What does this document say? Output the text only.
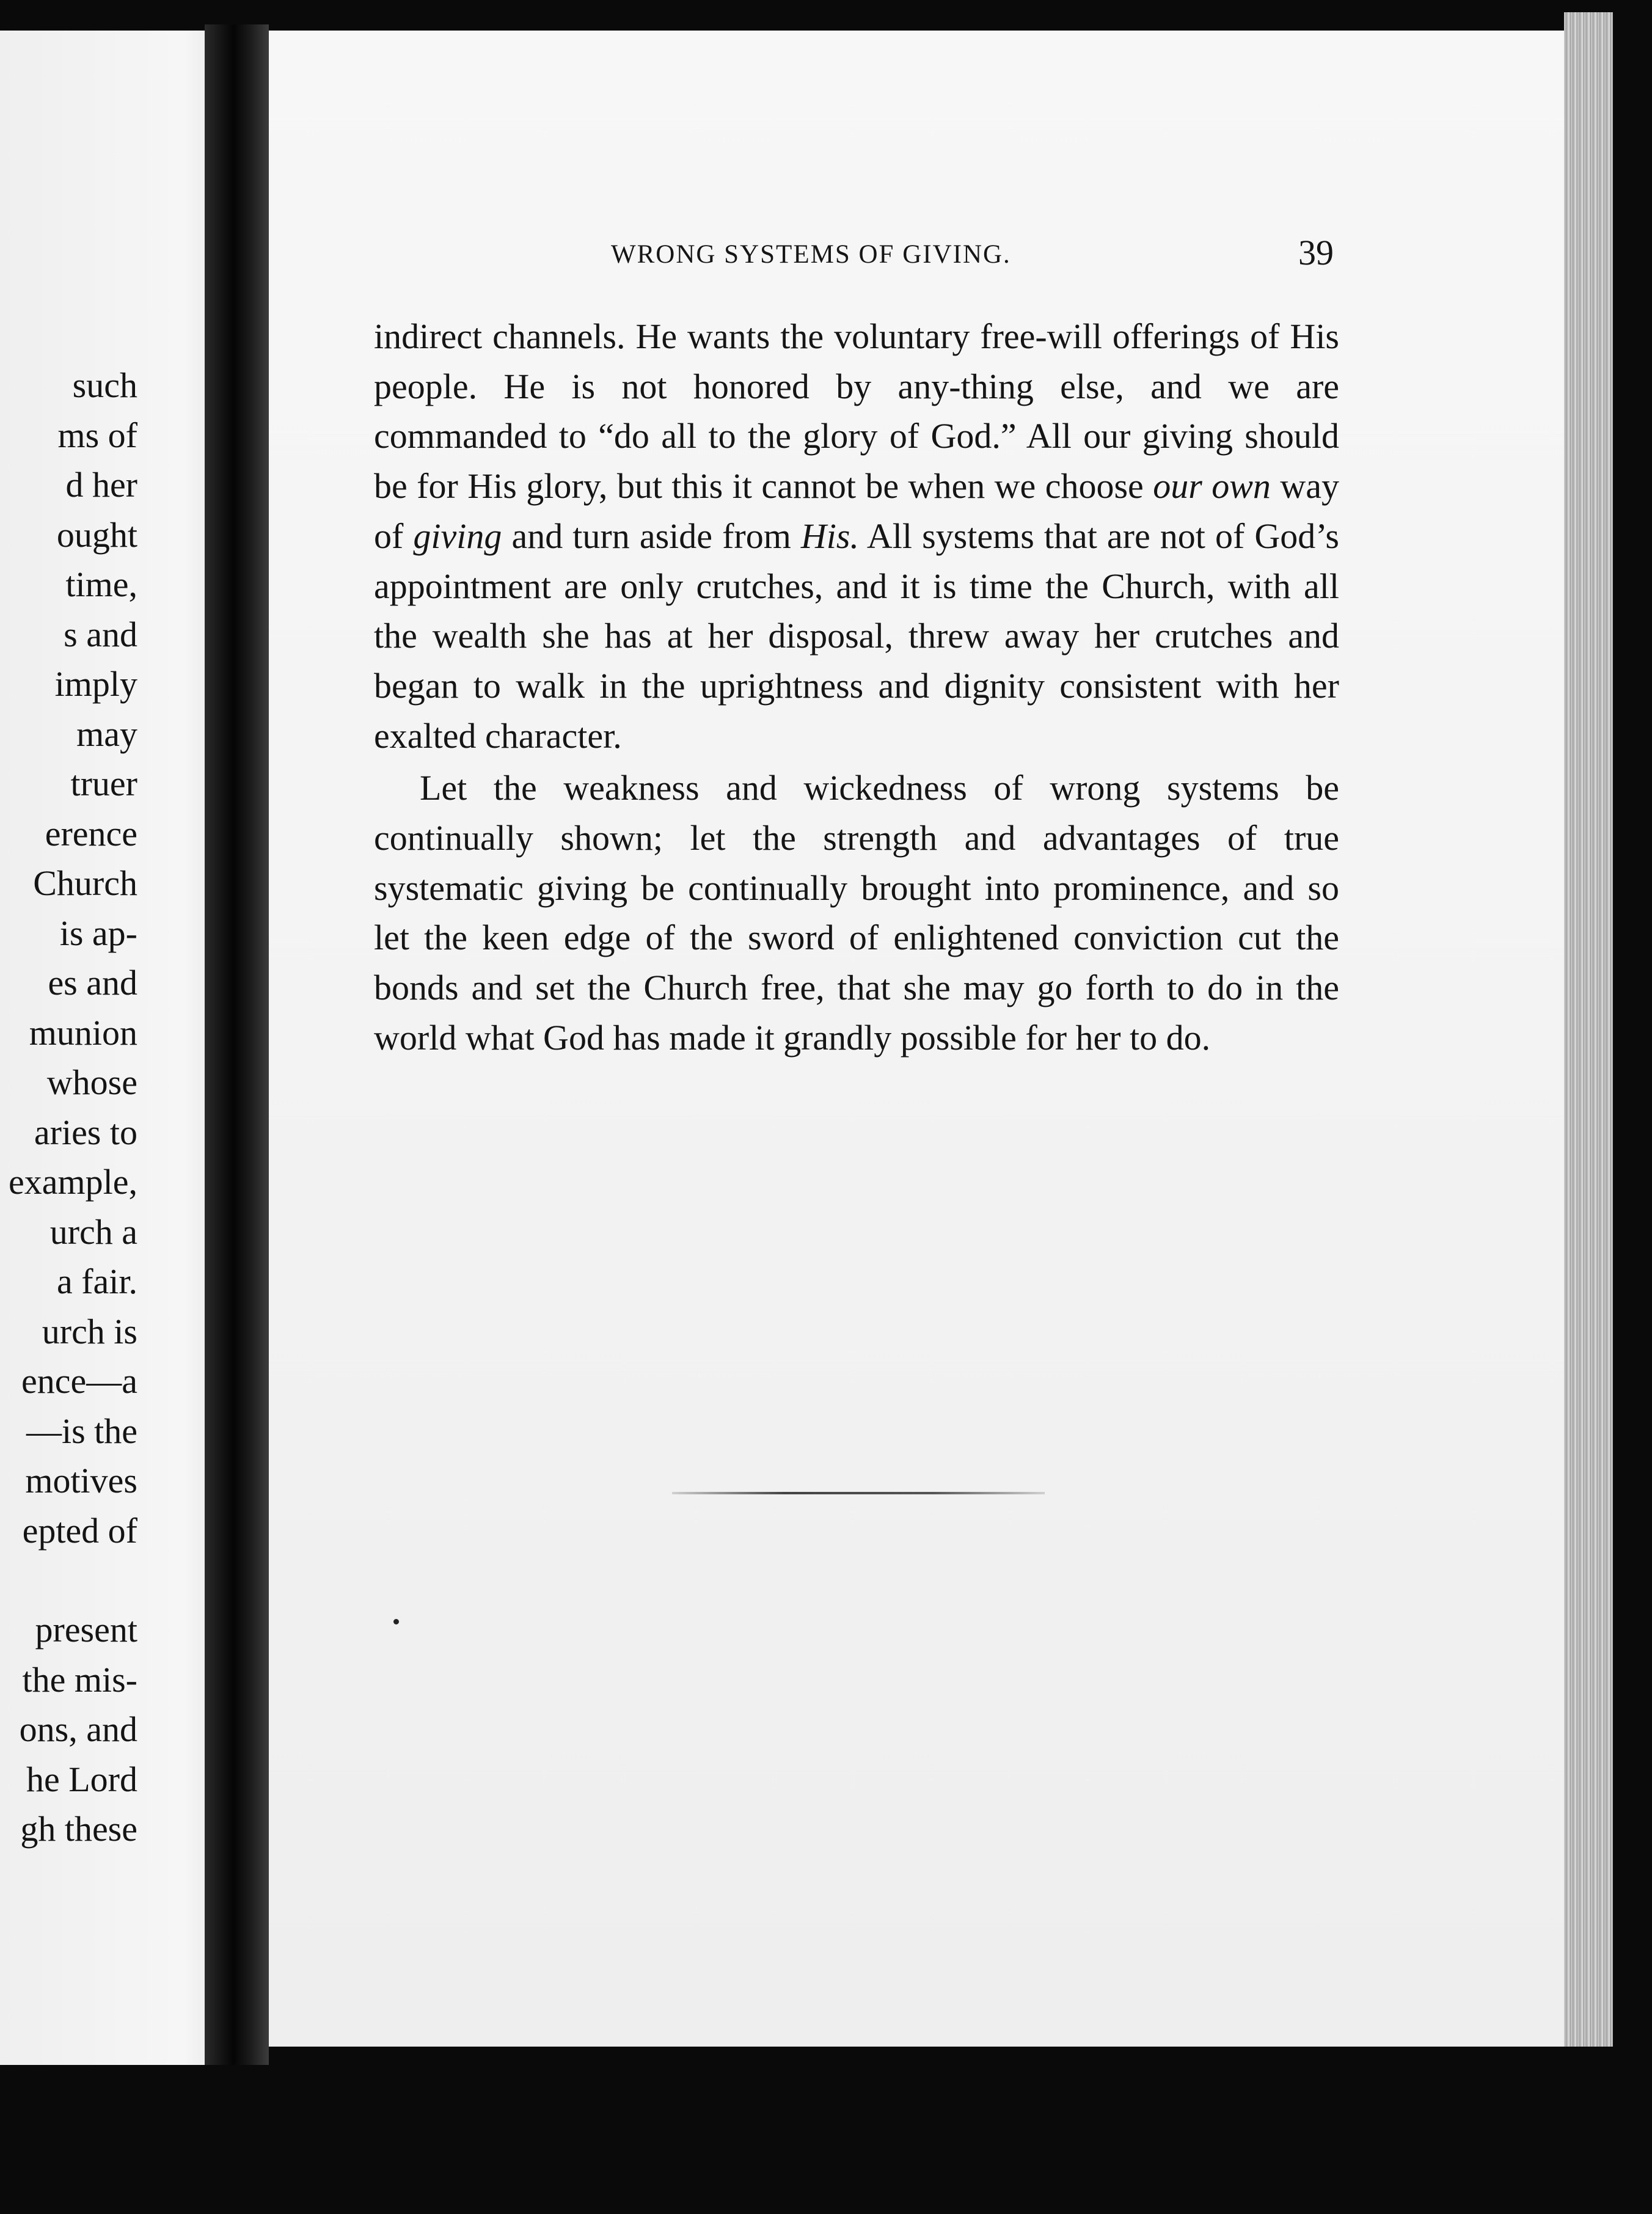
such
ms of
d her
ought
time,
s and
imply
may
truer
erence
Church
is ap-
es and
munion
whose
aries to
example,
urch a
a fair.
urch is
ence—a
—is the
motives
epted of
present
the mis-
ons, and
he Lord
gh these
WRONG SYSTEMS OF GIVING.	39

indirect channels. He wants the voluntary free-will offerings of His people. He is not honored by any-thing else, and we are commanded to “do all to the glory of God.” All our giving should be for His glory, but this it cannot be when we choose our own way of giving and turn aside from His. All systems that are not of God’s appointment are only crutches, and it is time the Church, with all the wealth she has at her disposal, threw away her crutches and began to walk in the uprightness and dignity consistent with her exalted character.

Let the weakness and wickedness of wrong systems be continually shown; let the strength and advantages of true systematic giving be continually brought into prominence, and so let the keen edge of the sword of enlightened conviction cut the bonds and set the Church free, that she may go forth to do in the world what God has made it grandly possible for her to do.
